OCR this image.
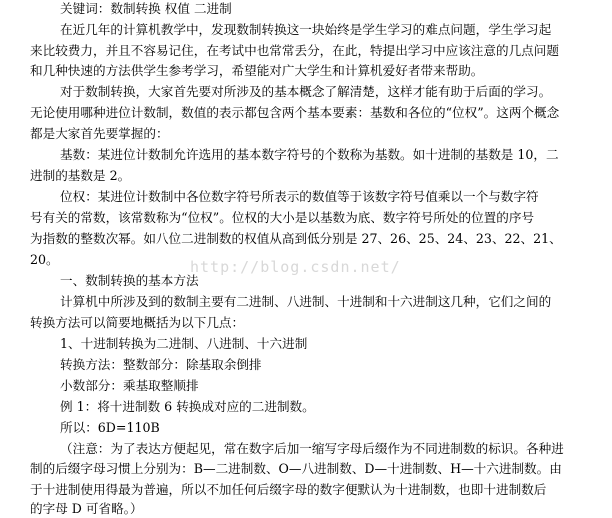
关键词：数制转换 权值 二进制
在近几年的计算机教学中，发现数制转换这一块始终是学生学习的难点问题，学生学习起
来比较费力，并且不容易记住，在考试中也常常丢分，在此，特提出学习中应该注意的几点问题
和几种快速的方法供学生参考学习，希望能对广大学生和计算机爱好者带来帮助。
对于数制转换，大家首先要对所涉及的基本概念了解清楚，这样才能有助于后面的学习。
无论使用哪种进位计数制，数值的表示都包含两个基本要素：基数和各位的“位权”。这两个概念
都是大家首先要掌握的：
基数：某进位计数制允许选用的基本数字符号的个数称为基数。如十进制的基数是 10，二
进制的基数是 2。
位权：某进位计数制中各位数字符号所表示的数值等于该数字符号值乘以一个与数字符
号有关的常数，该常数称为“位权”。位权的大小是以基数为底、数字符号所处的位置的序号
为指数的整数次幂。如八位二进制数的权值从高到低分别是 27、26、25、24、23、22、21、
20。
一、数制转换的基本方法
计算机中所涉及到的数制主要有二进制、八进制、十进制和十六进制这几种，它们之间的
转换方法可以简要地概括为以下几点：
1、十进制转换为二进制、八进制、十六进制
转换方法：整数部分：除基取余倒排
小数部分：乘基取整顺排
例 1：将十进制数 6 转换成对应的二进制数。
所以：6D=110B
（注意：为了表达方便起见，常在数字后加一缩写字母后缀作为不同进制数的标识。各种进
制的后缀字母习惯上分别为：B—二进制数、O—八进制数、D—十进制数、H—十六进制数。由
于十进制使用得最为普遍，所以不加任何后缀字母的数字便默认为十进制数，也即十进制数后
的字母 D 可省略。）
http://blog.csdn.net/
